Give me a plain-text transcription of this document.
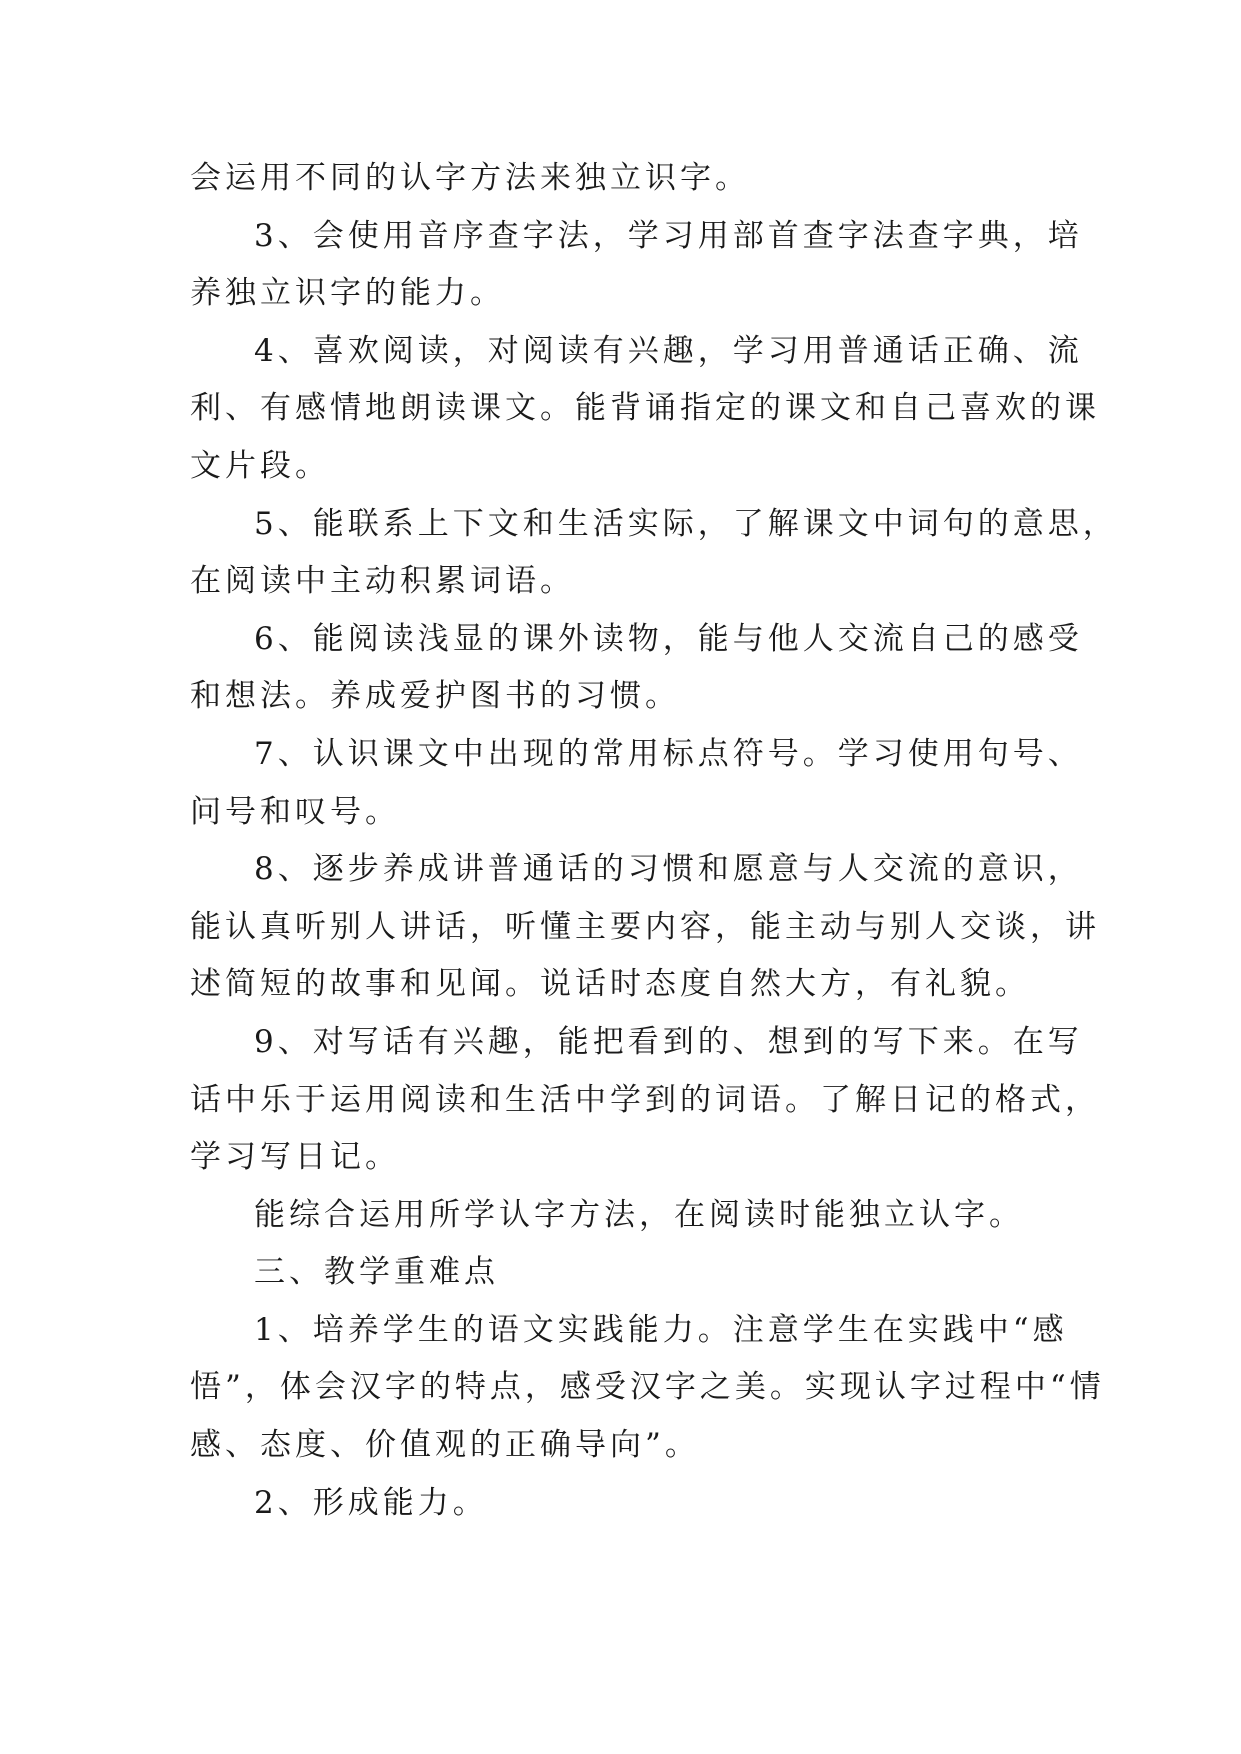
会运用不同的认字方法来独立识字。
3、会使用音序查字法，学习用部首查字法查字典，培
养独立识字的能力。
4、喜欢阅读，对阅读有兴趣，学习用普通话正确、流
利、有感情地朗读课文。能背诵指定的课文和自己喜欢的课
文片段。
5、能联系上下文和生活实际，了解课文中词句的意思，
在阅读中主动积累词语。
6、能阅读浅显的课外读物，能与他人交流自己的感受
和想法。养成爱护图书的习惯。
7、认识课文中出现的常用标点符号。学习使用句号、
问号和叹号。
8、逐步养成讲普通话的习惯和愿意与人交流的意识，
能认真听别人讲话，听懂主要内容，能主动与别人交谈，讲
述简短的故事和见闻。说话时态度自然大方，有礼貌。
9、对写话有兴趣，能把看到的、想到的写下来。在写
话中乐于运用阅读和生活中学到的词语。了解日记的格式，
学习写日记。
能综合运用所学认字方法，在阅读时能独立认字。
三、教学重难点
1、培养学生的语文实践能力。注意学生在实践中“感
悟”，体会汉字的特点，感受汉字之美。实现认字过程中“情
感、态度、价值观的正确导向”。
2、形成能力。
